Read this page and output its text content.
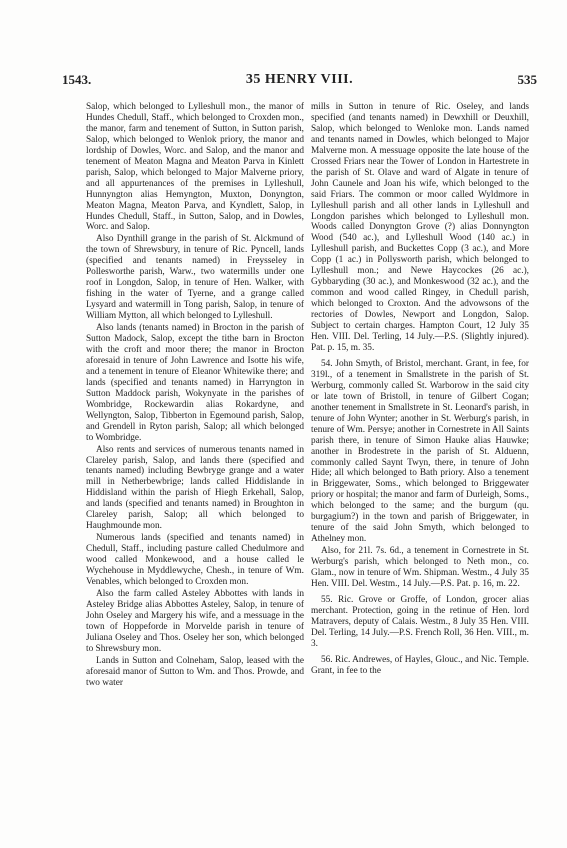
1543.	35 HENRY VIII.	535

Salop, which belonged to Lylleshull mon., the manor of Hundes Chedull, Staff., which belonged to Croxden mon., the manor, farm and tenement of Sutton, in Sutton parish, Salop, which belonged to Wenlok priory, the manor and lordship of Dowles, Worc. and Salop, and the manor and tenement of Meaton Magna and Meaton Parva in Kinlett parish, Salop, which belonged to Major Malverne priory, and all appurtenances of the premises in Lylleshull, Hunnyngton alias Hemyngton, Muxton, Donyngton, Meaton Magna, Meaton Parva, and Kyndlett, Salop, in Hundes Chedull, Staff., in Sutton, Salop, and in Dowles, Worc. and Salop.

Also Dynthill grange in the parish of St. Alckmund of the town of Shrewsbury, in tenure of Ric. Pyncell, lands (specified and tenants named) in Freysseley in Pollesworthe parish, Warw., two watermills under one roof in Longdon, Salop, in tenure of Hen. Walker, with fishing in the water of Tyerne, and a grange called Lysyard and watermill in Tong parish, Salop, in tenure of William Mytton, all which belonged to Lylleshull.

Also lands (tenants named) in Brocton in the parish of Sutton Madock, Salop, except the tithe barn in Brocton with the croft and moor there; the manor in Brocton aforesaid in tenure of John Lawrence and Isotte his wife, and a tenement in tenure of Eleanor Whitewike there; and lands (specified and tenants named) in Harryngton in Sutton Maddock parish, Wokynyate in the parishes of Wombridge, Rockewardin alias Rokardyne, and Wellyngton, Salop, Tibberton in Egemound parish, Salop, and Grendell in Ryton parish, Salop; all which belonged to Wombridge.

Also rents and services of numerous tenants named in Clareley parish, Salop, and lands there (specified and tenants named) including Bewbryge grange and a water mill in Netherbewbrige; lands called Hiddislande in Hiddisland within the parish of Hiegh Erkehall, Salop, and lands (specified and tenants named) in Broughton in Clareley parish, Salop; all which belonged to Haughmounde mon.

Numerous lands (specified and tenants named) in Chedull, Staff., including pasture called Chedulmore and wood called Monkewood, and a house called le Wychehouse in Myddlewyche, Chesh., in tenure of Wm. Venables, which belonged to Croxden mon.

Also the farm called Asteley Abbottes with lands in Asteley Bridge alias Abbottes Asteley, Salop, in tenure of John Oseley and Margery his wife, and a messuage in the town of Hoppeforde in Morvelde parish in tenure of Juliana Oseley and Thos. Oseley her son, which belonged to Shrewsbury mon.

Lands in Sutton and Colneham, Salop, leased with the aforesaid manor of Sutton to Wm. and Thos. Prowde, and two water

mills in Sutton in tenure of Ric. Oseley, and lands specified (and tenants named) in Dewxhill or Deuxhill, Salop, which belonged to Wenloke mon. Lands named and tenants named in Dowles, which belonged to Major Malverne mon. A messuage opposite the late house of the Crossed Friars near the Tower of London in Hartestrete in the parish of St. Olave and ward of Algate in tenure of John Caunele and Joan his wife, which belonged to the said Friars. The common or moor called Wyldmore in Lylleshull parish and all other lands in Lylleshull and Longdon parishes which belonged to Lylleshull mon. Woods called Donyngton Grove (?) alias Donnyngton Wood (540 ac.), and Lylleshull Wood (140 ac.) in Lylleshull parish, and Buckettes Copp (3 ac.), and More Copp (1 ac.) in Pollysworth parish, which belonged to Lylleshull mon.; and Newe Haycockes (26 ac.), Gybbaryding (30 ac.), and Monkeswood (32 ac.), and the common and wood called Ringey, in Chedull parish, which belonged to Croxton. And the advowsons of the rectories of Dowles, Newport and Longdon, Salop. Subject to certain charges. Hampton Court, 12 July 35 Hen. VIII. Del. Terling, 14 July.—P.S. (Slightly injured). Pat. p. 15, m. 35.

54. John Smyth, of Bristol, merchant. Grant, in fee, for 319l., of a tenement in Smallstrete in the parish of St. Werburg, commonly called St. Warborow in the said city or late town of Bristoll, in tenure of Gilbert Cogan; another tenement in Smallstrete in St. Leonard's parish, in tenure of John Wynter; another in St. Werburg's parish, in tenure of Wm. Persye; another in Cornestrete in All Saints parish there, in tenure of Simon Hauke alias Hauwke; another in Brodestrete in the parish of St. Alduenn, commonly called Saynt Twyn, there, in tenure of John Hide; all which belonged to Bath priory. Also a tenement in Briggewater, Soms., which belonged to Briggewater priory or hospital; the manor and farm of Durleigh, Soms., which belonged to the same; and the burgum (qu. burgagium?) in the town and parish of Briggewater, in tenure of the said John Smyth, which belonged to Athelney mon.

Also, for 21l. 7s. 6d., a tenement in Cornestrete in St. Werburg's parish, which belonged to Neth mon., co. Glam., now in tenure of Wm. Shipman. Westm., 4 July 35 Hen. VIII. Del. Westm., 14 July.—P.S. Pat. p. 16, m. 22.

55. Ric. Grove or Groffe, of London, grocer alias merchant. Protection, going in the retinue of Hen. lord Matravers, deputy of Calais. Westm., 8 July 35 Hen. VIII. Del. Terling, 14 July.—P.S. French Roll, 36 Hen. VIII., m. 3.

56. Ric. Andrewes, of Hayles, Glouc., and Nic. Temple. Grant, in fee to the
